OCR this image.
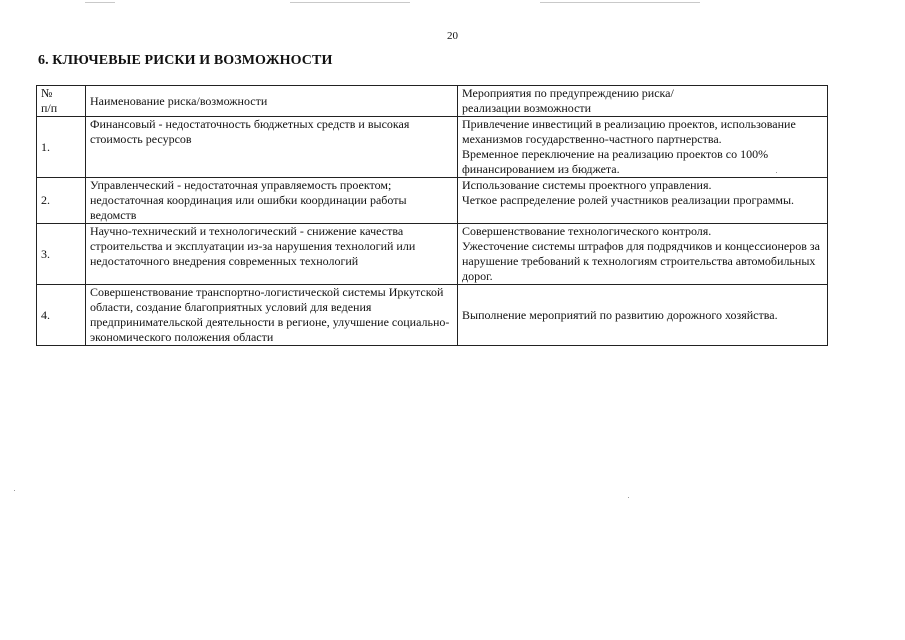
20
6. КЛЮЧЕВЫЕ РИСКИ И ВОЗМОЖНОСТИ
№
п/п	Наименование риска/возможности	Мероприятия по предупреждению риска/
реализации возможности

1.	Финансовый - недостаточность бюджетных средств и высокая стоимость ресурсов	Привлечение инвестиций в реализацию проектов, использование механизмов государственно-частного партнерства.
Временное переключение на реализацию проектов со 100% финансированием из бюджета.

2.	Управленческий - недостаточная управляемость проектом; недостаточная координация или ошибки координации работы ведомств	Использование системы проектного управления.
Четкое распределение ролей участников реализации программы.

3.	Научно-технический и технологический - снижение качества строительства и эксплуатации из-за нарушения технологий или недостаточного внедрения современных технологий	Совершенствование технологического контроля.
Ужесточение системы штрафов для подрядчиков и концессионеров за нарушение требований к технологиям строительства автомобильных дорог.

4.	Совершенствование транспортно-логистической системы Иркутской области, создание благоприятных условий для ведения предпринимательской деятельности в регионе, улучшение социально-экономического положения области	Выполнение мероприятий по развитию дорожного хозяйства.
